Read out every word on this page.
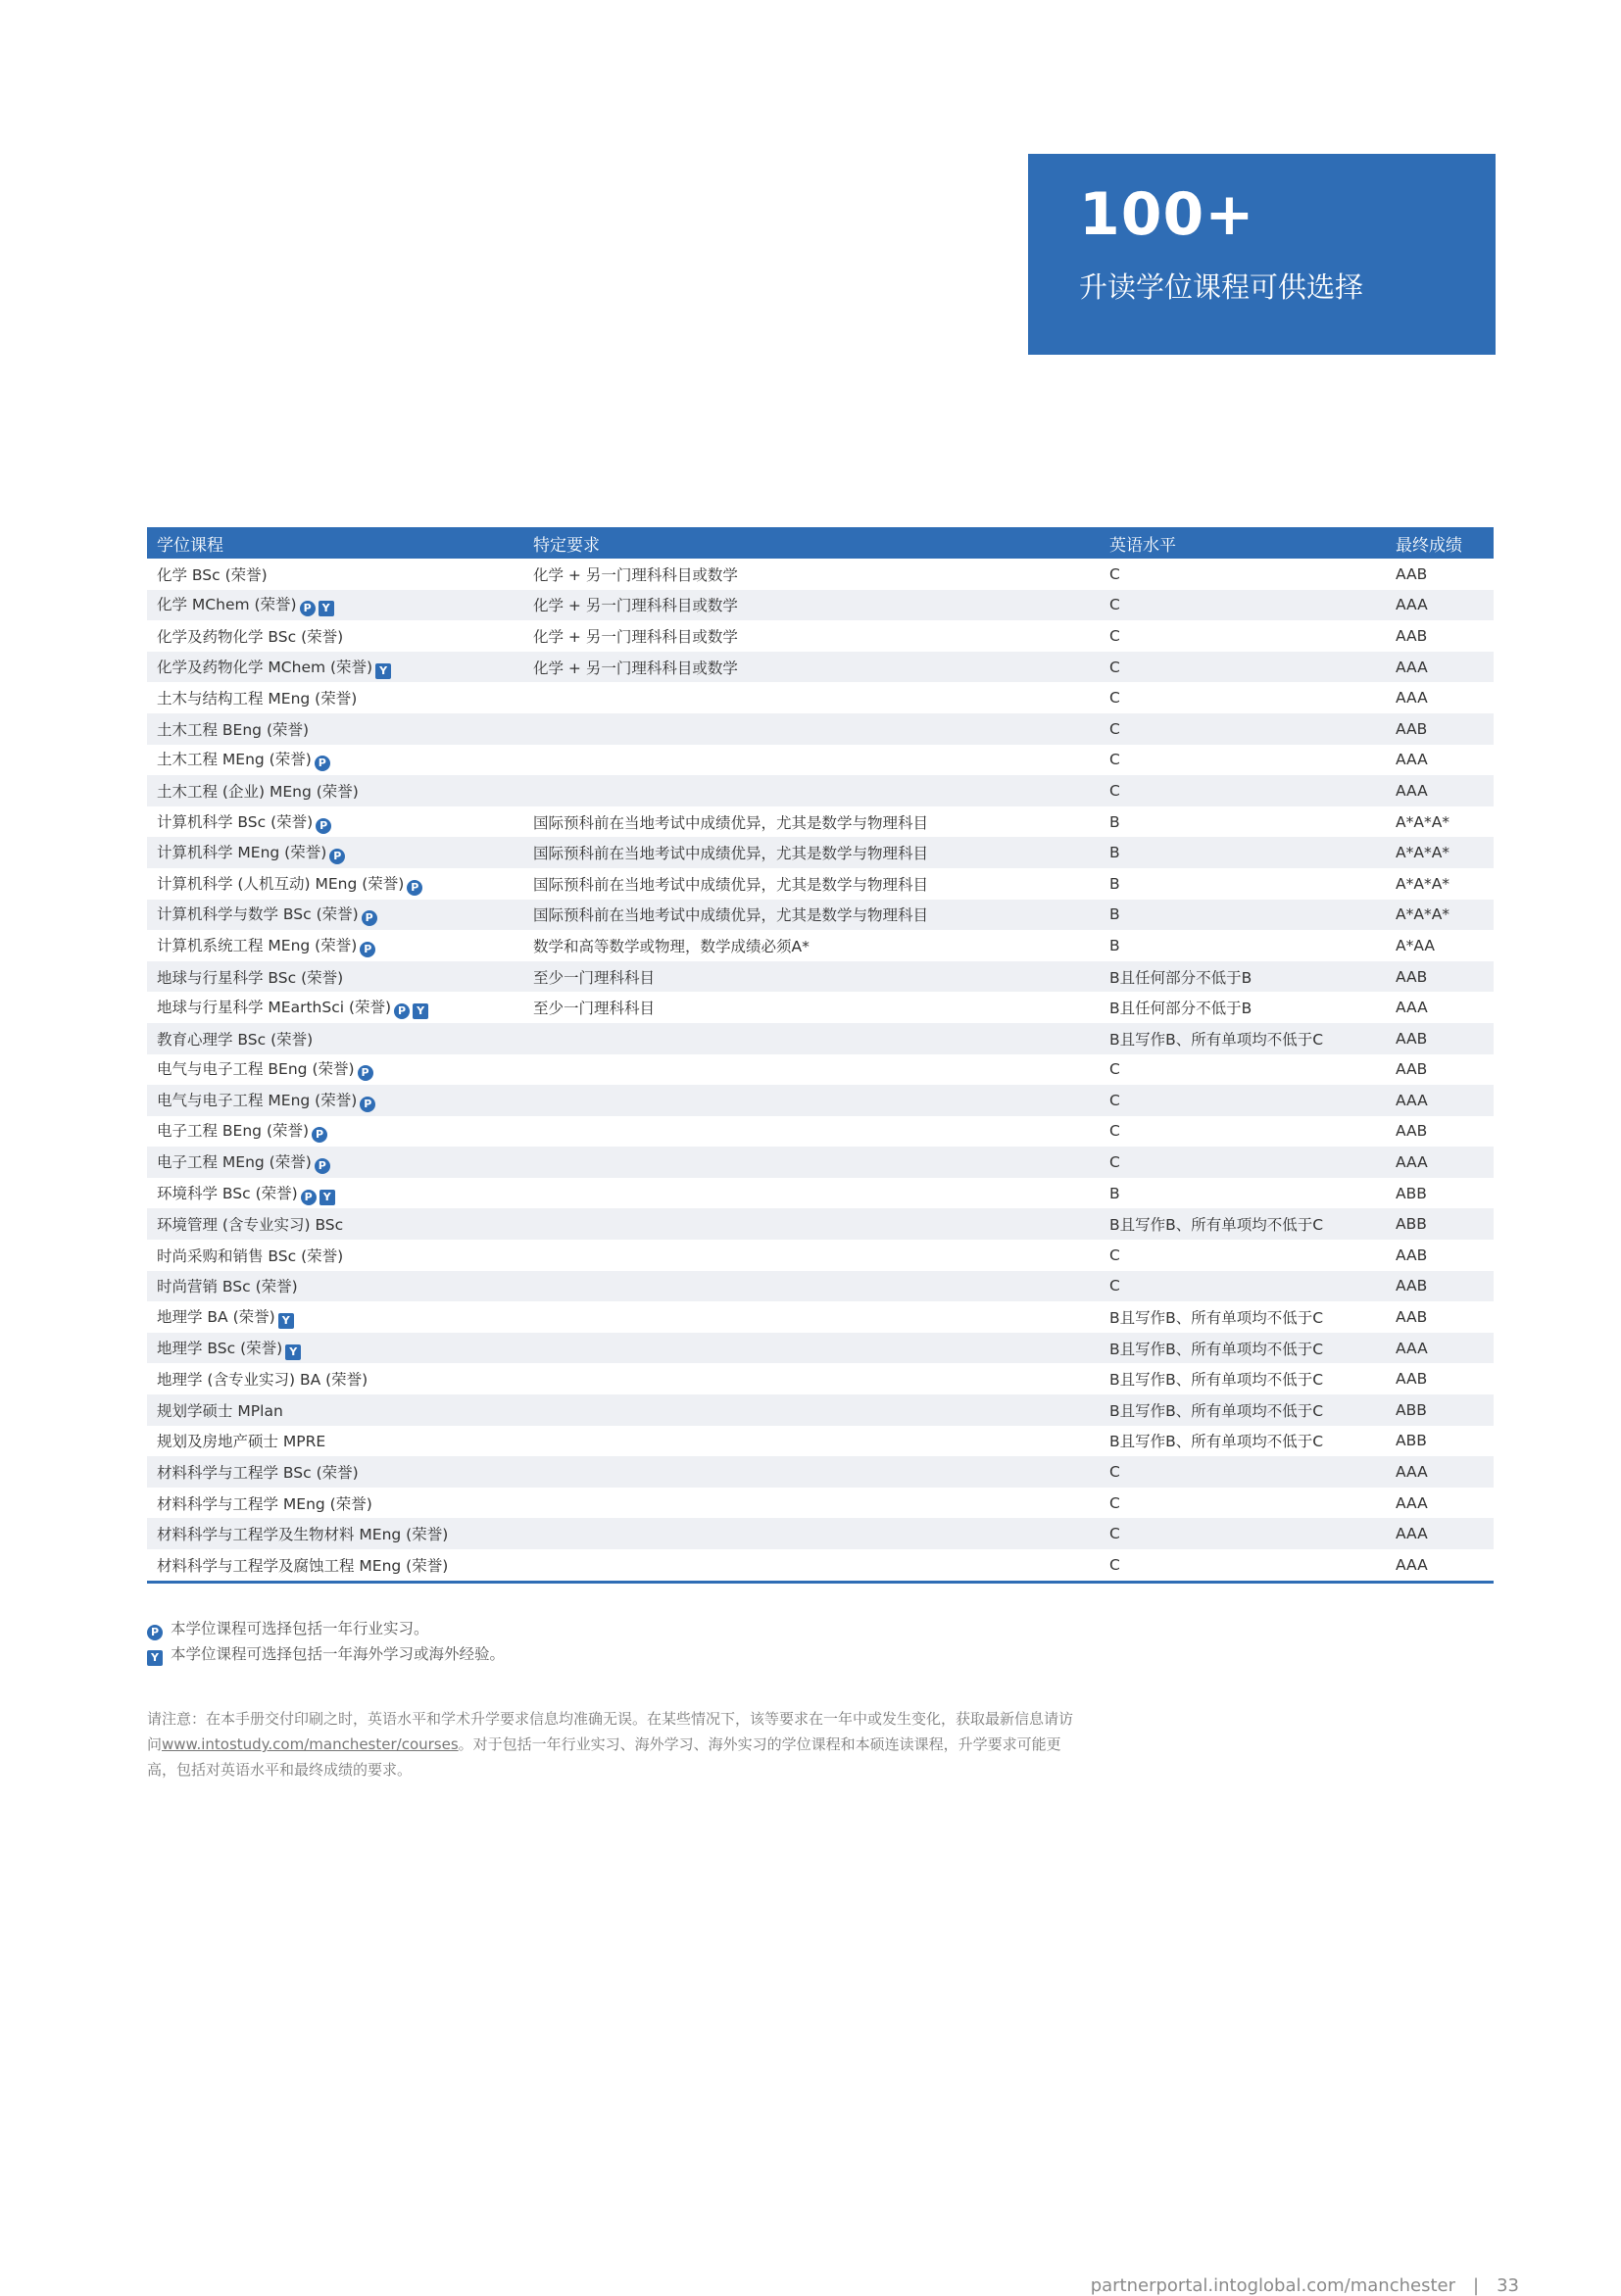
100+
升读学位课程可供选择
学位课程	特定要求	英语水平	最终成绩
化学 BSc (荣誉)	化学 + 另一门理科科目或数学	C	AAB
化学 MChem (荣誉) P Y	化学 + 另一门理科科目或数学	C	AAA
化学及药物化学 BSc (荣誉)	化学 + 另一门理科科目或数学	C	AAB
化学及药物化学 MChem (荣誉) Y	化学 + 另一门理科科目或数学	C	AAA
土木与结构工程 MEng (荣誉)		C	AAA
土木工程 BEng (荣誉)		C	AAB
土木工程 MEng (荣誉) P		C	AAA
土木工程 (企业) MEng (荣誉)		C	AAA
计算机科学 BSc (荣誉) P	国际预科前在当地考试中成绩优异，尤其是数学与物理科目	B	A*A*A*
计算机科学 MEng (荣誉) P	国际预科前在当地考试中成绩优异，尤其是数学与物理科目	B	A*A*A*
计算机科学 (人机互动) MEng (荣誉) P	国际预科前在当地考试中成绩优异，尤其是数学与物理科目	B	A*A*A*
计算机科学与数学 BSc (荣誉) P	国际预科前在当地考试中成绩优异，尤其是数学与物理科目	B	A*A*A*
计算机系统工程 MEng (荣誉) P	数学和高等数学或物理，数学成绩必须A*	B	A*AA
地球与行星科学 BSc (荣誉)	至少一门理科科目	B且任何部分不低于B	AAB
地球与行星科学 MEarthSci (荣誉) P Y	至少一门理科科目	B且任何部分不低于B	AAA
教育心理学 BSc (荣誉)		B且写作B、所有单项均不低于C	AAB
电气与电子工程 BEng (荣誉) P		C	AAB
电气与电子工程 MEng (荣誉) P		C	AAA
电子工程 BEng (荣誉) P		C	AAB
电子工程 MEng (荣誉) P		C	AAA
环境科学 BSc (荣誉) P Y		B	ABB
环境管理 (含专业实习) BSc		B且写作B、所有单项均不低于C	ABB
时尚采购和销售 BSc (荣誉)		C	AAB
时尚营销 BSc (荣誉)		C	AAB
地理学 BA (荣誉) Y		B且写作B、所有单项均不低于C	AAB
地理学 BSc (荣誉) Y		B且写作B、所有单项均不低于C	AAA
地理学 (含专业实习) BA (荣誉)		B且写作B、所有单项均不低于C	AAB
规划学硕士 MPlan		B且写作B、所有单项均不低于C	ABB
规划及房地产硕士 MPRE		B且写作B、所有单项均不低于C	ABB
材料科学与工程学 BSc (荣誉)		C	AAA
材料科学与工程学 MEng (荣誉)		C	AAA
材料科学与工程学及生物材料 MEng (荣誉)		C	AAA
材料科学与工程学及腐蚀工程 MEng (荣誉)		C	AAA
P 本学位课程可选择包括一年行业实习。
Y 本学位课程可选择包括一年海外学习或海外经验。
请注意：在本手册交付印刷之时，英语水平和学术升学要求信息均准确无误。在某些情况下，该等要求在一年中或发生变化，获取最新信息请访问www.intostudy.com/manchester/courses。对于包括一年行业实习、海外学习、海外实习的学位课程和本硕连读课程，升学要求可能更高，包括对英语水平和最终成绩的要求。
partnerportal.intoglobal.com/manchester | 33
